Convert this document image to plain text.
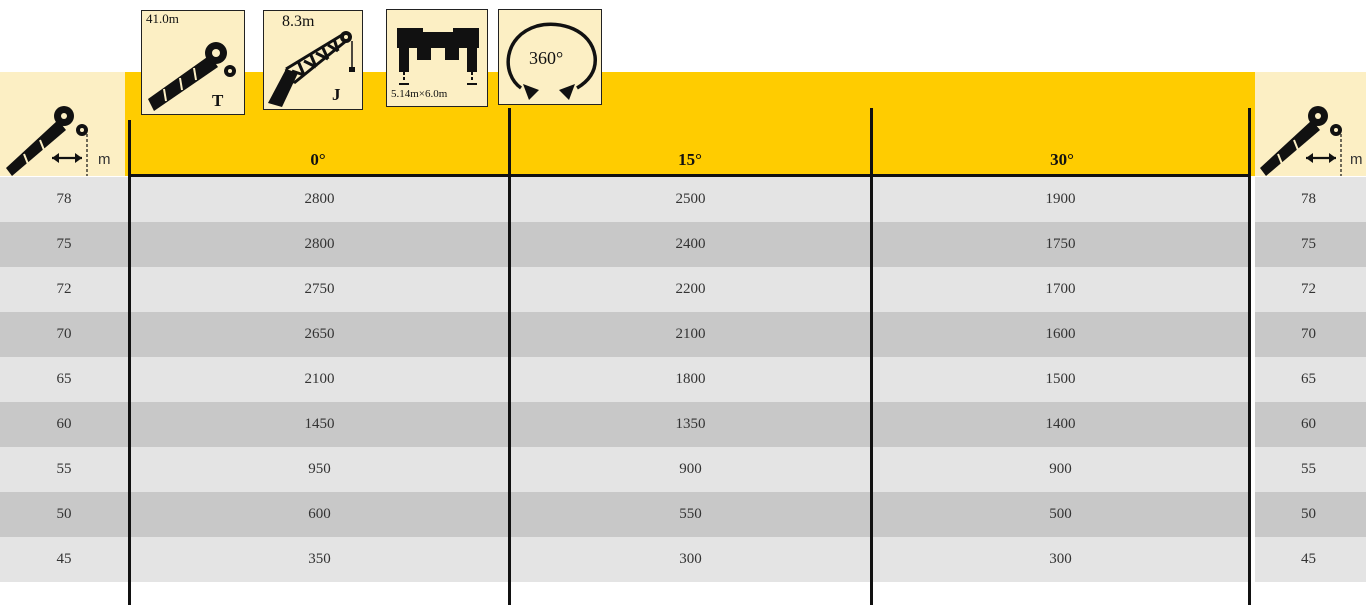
41.0m
T
8.3m
J	5.14m×6.0m
360°
m	m
0°	15°	30°
78	2800	2500	1900	78
75	2800	2400	1750	75
72	2750	2200	1700	72
70	2650	2100	1600	70
65	2100	1800	1500	65
60	1450	1350	1400	60
55	950	900	900	55
50	600	550	500	50
45	350	300	300	45
